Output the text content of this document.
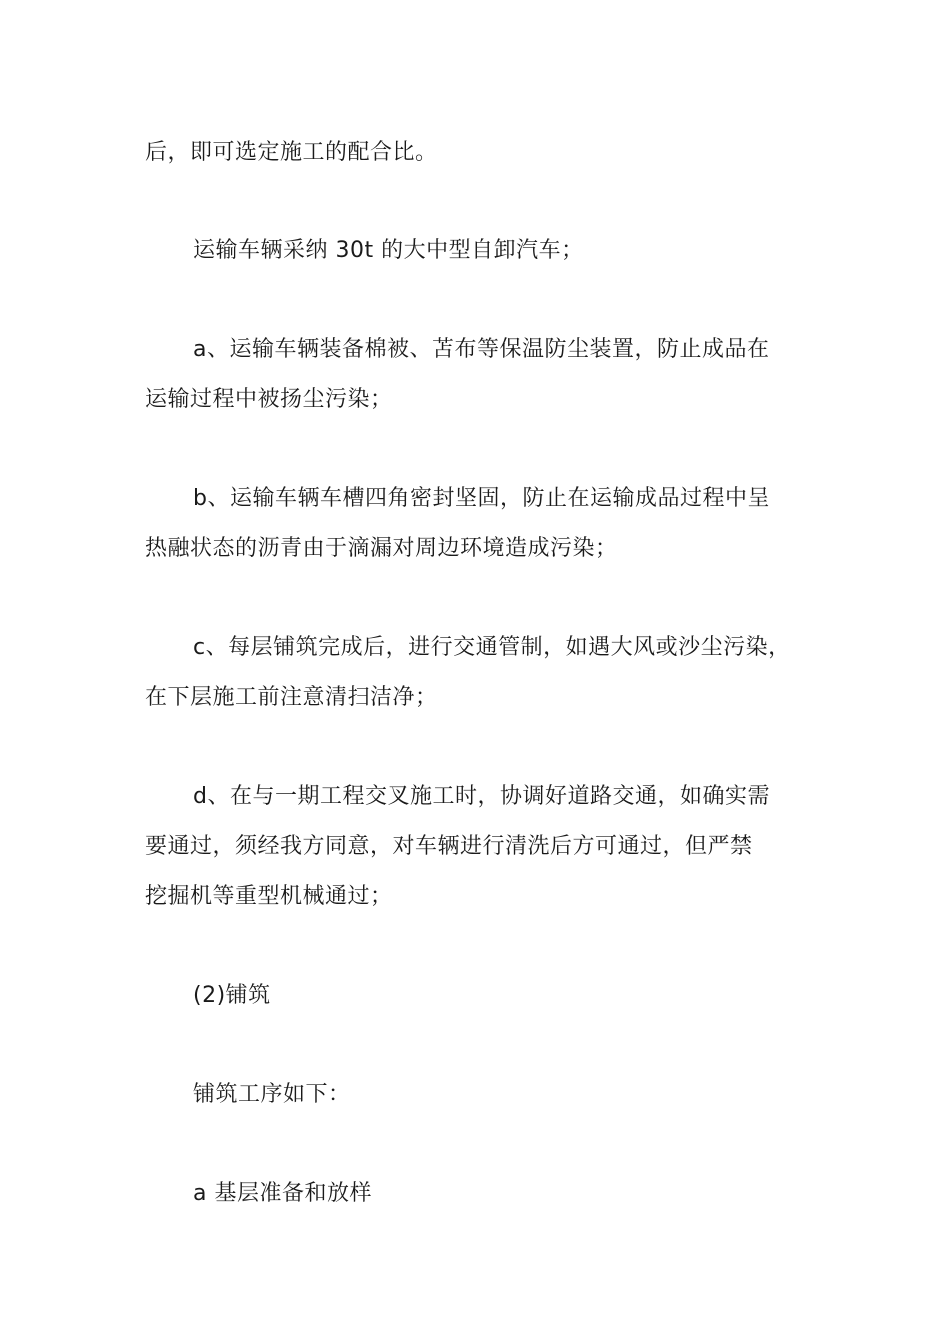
后，即可选定施工的配合比。

运输车辆采纳 30t 的大中型自卸汽车；

a、运输车辆装备棉被、苫布等保温防尘装置，防止成品在
运输过程中被扬尘污染；

b、运输车辆车槽四角密封坚固，防止在运输成品过程中呈
热融状态的沥青由于滴漏对周边环境造成污染；

c、每层铺筑完成后，进行交通管制，如遇大风或沙尘污染，
在下层施工前注意清扫洁净；

d、在与一期工程交叉施工时，协调好道路交通，如确实需
要通过，须经我方同意，对车辆进行清洗后方可通过，但严禁
挖掘机等重型机械通过；

(2)铺筑

铺筑工序如下：

a 基层准备和放样
